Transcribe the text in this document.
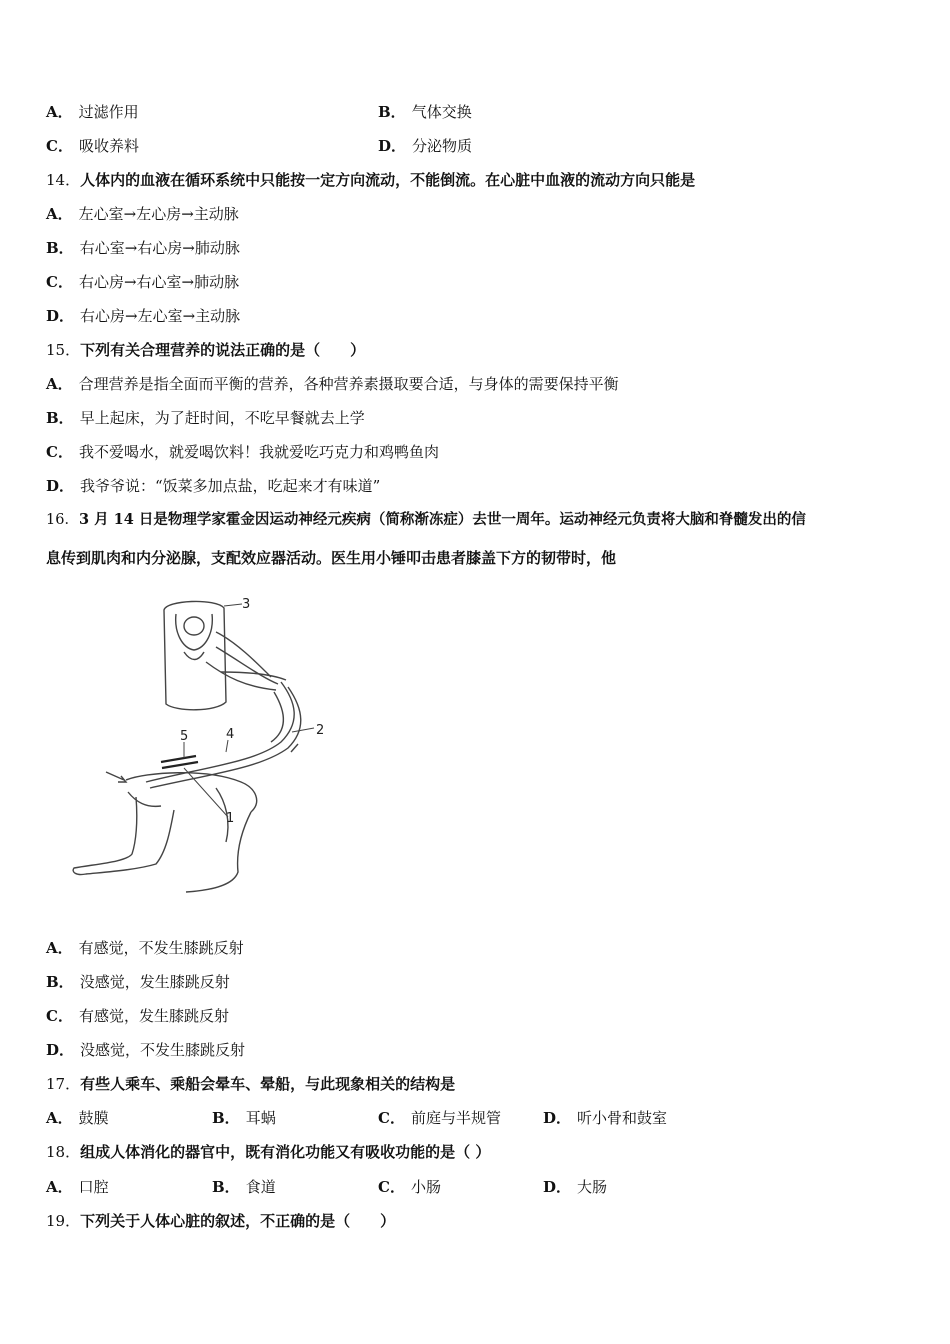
A． 过滤作用	B． 气体交换
C． 吸收养料	D． 分泌物质
14．人体内的血液在循环系统中只能按一定方向流动，不能倒流。在心脏中血液的流动方向只能是
A． 左心室→左心房→主动脉
B． 右心室→右心房→肺动脉
C． 右心房→右心室→肺动脉
D． 右心房→左心室→主动脉
15．下列有关合理营养的说法正确的是（　　）
A． 合理营养是指全面而平衡的营养，各种营养素摄取要合适，与身体的需要保持平衡
B． 早上起床，为了赶时间，不吃早餐就去上学
C． 我不爱喝水，就爱喝饮料！我就爱吃巧克力和鸡鸭鱼肉
D． 我爷爷说：“饭菜多加点盐，吃起来才有味道”
16．3 月 14 日是物理学家霍金因运动神经元疾病（简称渐冻症）去世一周年。运动神经元负责将大脑和脊髓发出的信
息传到肌肉和内分泌腺，支配效应器活动。医生用小锤叩击患者膝盖下方的韧带时，他
1
2
3
4
5
A． 有感觉，不发生膝跳反射
B． 没感觉，发生膝跳反射
C． 有感觉，发生膝跳反射
D． 没感觉，不发生膝跳反射
17．有些人乘车、乘船会晕车、晕船，与此现象相关的结构是
A． 鼓膜	B． 耳蜗	C． 前庭与半规管	D． 听小骨和鼓室
18．组成人体消化的器官中，既有消化功能又有吸收功能的是（ ）
A． 口腔	B． 食道	C． 小肠	D． 大肠
19．下列关于人体心脏的叙述，不正确的是（　　）
